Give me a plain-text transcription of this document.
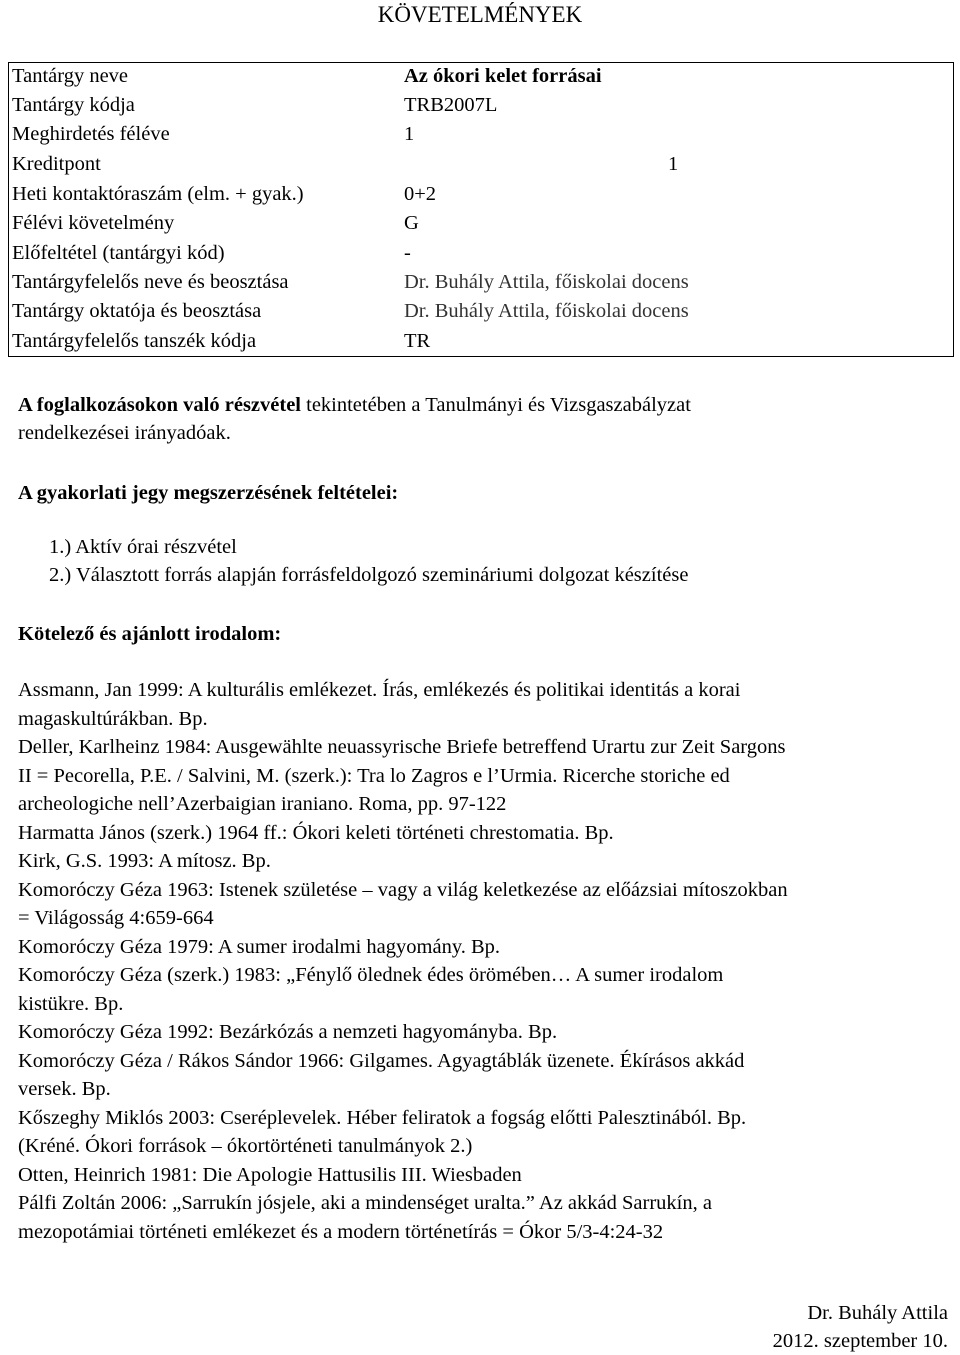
KÖVETELMÉNYEK
Tantárgy neve	Az ókori kelet forrásai
Tantárgy kódja	TRB2007L
Meghirdetés féléve	1
Kreditpont	1
Heti kontaktóraszám (elm. + gyak.)	0+2
Félévi követelmény	G
Előfeltétel (tantárgyi kód)	-
Tantárgyfelelős neve és beosztása	Dr. Buhály Attila, főiskolai docens
Tantárgy oktatója és beosztása	Dr. Buhály Attila, főiskolai docens
Tantárgyfelelős tanszék kódja	TR
A foglalkozásokon való részvétel tekintetében a Tanulmányi és Vizsgaszabályzat
rendelkezései irányadóak.
A gyakorlati jegy megszerzésének feltételei:
1.) Aktív órai részvétel
2.) Választott forrás alapján forrásfeldolgozó szemináriumi dolgozat készítése
Kötelező és ajánlott irodalom:
Assmann, Jan 1999: A kulturális emlékezet. Írás, emlékezés és politikai identitás a korai
magaskultúrákban. Bp.
Deller, Karlheinz 1984: Ausgewählte neuassyrische Briefe betreffend Urartu zur Zeit Sargons
II = Pecorella, P.E. / Salvini, M. (szerk.): Tra lo Zagros e l’Urmia. Ricerche storiche ed
archeologiche nell’Azerbaigian iraniano. Roma, pp. 97-122
Harmatta János (szerk.) 1964 ff.: Ókori keleti történeti chrestomatia. Bp.
Kirk, G.S. 1993: A mítosz. Bp.
Komoróczy Géza 1963: Istenek születése – vagy a világ keletkezése az előázsiai mítoszokban
= Világosság 4:659-664
Komoróczy Géza 1979: A sumer irodalmi hagyomány. Bp.
Komoróczy Géza (szerk.) 1983: „Fénylő ölednek édes örömében… A sumer irodalom
kistükre. Bp.
Komoróczy Géza 1992: Bezárkózás a nemzeti hagyományba. Bp.
Komoróczy Géza / Rákos Sándor 1966: Gilgames. Agyagtáblák üzenete. Ékírásos akkád
versek. Bp.
Kőszeghy Miklós 2003: Cseréplevelek. Héber feliratok a fogság előtti Palesztinából. Bp.
(Kréné. Ókori források – ókortörténeti tanulmányok 2.)
Otten, Heinrich 1981: Die Apologie Hattusilis III. Wiesbaden
Pálfi Zoltán 2006: „Sarrukín jósjele, aki a mindenséget uralta.” Az akkád Sarrukín, a
mezopotámiai történeti emlékezet és a modern történetírás = Ókor 5/3-4:24-32
Dr. Buhály Attila
2012. szeptember 10.
